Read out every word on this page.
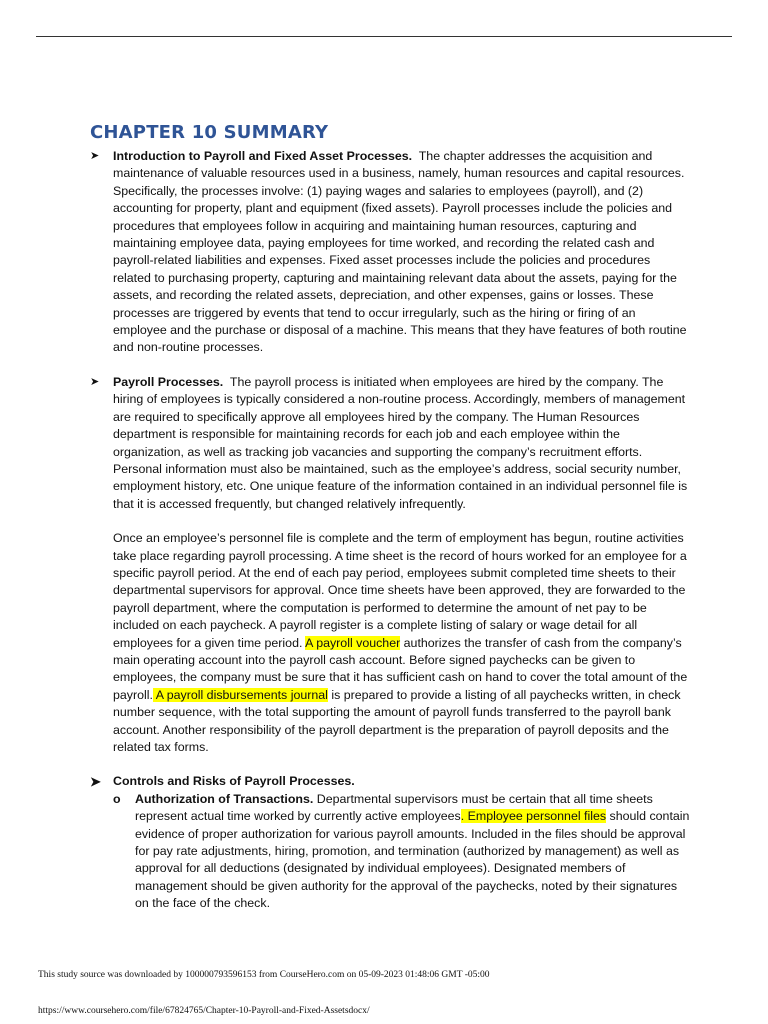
CHAPTER 10 SUMMARY
➤ Introduction to Payroll and Fixed Asset Processes. The chapter addresses the acquisition and maintenance of valuable resources used in a business, namely, human resources and capital resources. Specifically, the processes involve: (1) paying wages and salaries to employees (payroll), and (2) accounting for property, plant and equipment (fixed assets). Payroll processes include the policies and procedures that employees follow in acquiring and maintaining human resources, capturing and maintaining employee data, paying employees for time worked, and recording the related cash and payroll-related liabilities and expenses. Fixed asset processes include the policies and procedures related to purchasing property, capturing and maintaining relevant data about the assets, paying for the assets, and recording the related assets, depreciation, and other expenses, gains or losses. These processes are triggered by events that tend to occur irregularly, such as the hiring or firing of an employee and the purchase or disposal of a machine. This means that they have features of both routine and non-routine processes.

➤ Payroll Processes. The payroll process is initiated when employees are hired by the company. The hiring of employees is typically considered a non-routine process. Accordingly, members of management are required to specifically approve all employees hired by the company. The Human Resources department is responsible for maintaining records for each job and each employee within the organization, as well as tracking job vacancies and supporting the company’s recruitment efforts. Personal information must also be maintained, such as the employee’s address, social security number, employment history, etc. One unique feature of the information contained in an individual personnel file is that it is accessed frequently, but changed relatively infrequently.

Once an employee’s personnel file is complete and the term of employment has begun, routine activities take place regarding payroll processing. A time sheet is the record of hours worked for an employee for a specific payroll period. At the end of each pay period, employees submit completed time sheets to their departmental supervisors for approval. Once time sheets have been approved, they are forwarded to the payroll department, where the computation is performed to determine the amount of net pay to be included on each paycheck. A payroll register is a complete listing of salary or wage detail for all employees for a given time period. A payroll voucher authorizes the transfer of cash from the company’s main operating account into the payroll cash account. Before signed paychecks can be given to employees, the company must be sure that it has sufficient cash on hand to cover the total amount of the payroll. A payroll disbursements journal is prepared to provide a listing of all paychecks written, in check number sequence, with the total supporting the amount of payroll funds transferred to the payroll bank account. Another responsibility of the payroll department is the preparation of payroll deposits and the related tax forms.

➤ Controls and Risks of Payroll Processes.

o Authorization of Transactions. Departmental supervisors must be certain that all time sheets represent actual time worked by currently active employees. Employee personnel files should contain evidence of proper authorization for various payroll amounts. Included in the files should be approval for pay rate adjustments, hiring, promotion, and termination (authorized by management) as well as approval for all deductions (designated by individual employees). Designated members of management should be given authority for the approval of the paychecks, noted by their signatures on the face of the check.

This study source was downloaded by 100000793596153 from CourseHero.com on 05-09-2023 01:48:06 GMT -05:00
https://www.coursehero.com/file/67824765/Chapter-10-Payroll-and-Fixed-Assetsdocx/
